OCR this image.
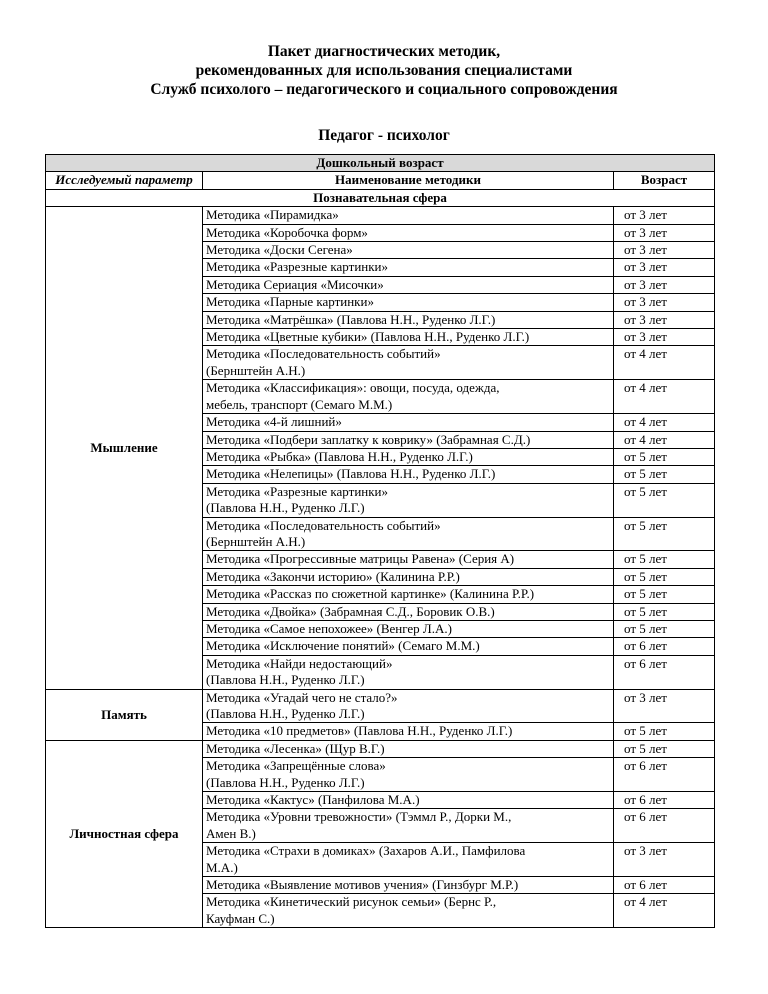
Пакет диагностических методик,
рекомендованных для использования специалистами
Служб психолого – педагогического и социального сопровождения
Педагог - психолог
Дошкольный возраст		
Исследуемый параметр	Наименование методики	Возраст
Познавательная сфера		
Мышление	Методика «Пирамидка»	от 3 лет

	Методика «Коробочка форм»	от 3 лет

	Методика «Доски Сегена»	от 3 лет

	Методика «Разрезные картинки»	от 3 лет

	Методика Сериация «Мисочки»	от 3 лет

	Методика «Парные картинки»	от 3 лет

	Методика «Матрёшка» (Павлова Н.Н., Руденко Л.Г.)	от 3 лет

	Методика «Цветные кубики» (Павлова Н.Н., Руденко Л.Г.)	от 3 лет

	Методика «Последовательность событий»
(Бернштейн А.Н.)	от 4 лет

	Методика «Классификация»: овощи, посуда, одежда,
мебель, транспорт (Семаго М.М.)	от 4 лет

	Методика «4-й лишний»	от 4 лет

	Методика «Подбери заплатку к коврику» (Забрамная С.Д.)	от 4 лет

	Методика «Рыбка» (Павлова Н.Н., Руденко Л.Г.)	от 5 лет

	Методика «Нелепицы» (Павлова Н.Н., Руденко Л.Г.)	от 5 лет

	Методика «Разрезные картинки»
(Павлова Н.Н., Руденко Л.Г.)	от 5 лет

	Методика «Последовательность событий»
(Бернштейн А.Н.)	от 5 лет

	Методика «Прогрессивные матрицы Равена» (Серия А)	от 5 лет

	Методика «Закончи историю» (Калинина Р.Р.)	от 5 лет

	Методика «Рассказ по сюжетной картинке» (Калинина Р.Р.)	от 5 лет

	Методика «Двойка» (Забрамная С.Д., Боровик О.В.)	от 5 лет

	Методика «Самое непохожее» (Венгер Л.А.)	от 5 лет

	Методика «Исключение понятий» (Семаго М.М.)	от 6 лет

	Методика «Найди недостающий»
(Павлова Н.Н., Руденко Л.Г.)	от 6 лет
Память	Методика «Угадай чего не стало?»
(Павлова Н.Н., Руденко Л.Г.)	от 3 лет

	Методика «10 предметов» (Павлова Н.Н., Руденко Л.Г.)	от 5 лет
Личностная сфера	Методика «Лесенка» (Щур В.Г.)	от 5 лет

	Методика «Запрещённые слова»
(Павлова Н.Н., Руденко Л.Г.)	от 6 лет

	Методика «Кактус» (Панфилова М.А.)	от 6 лет

	Методика «Уровни тревожности» (Тэммл Р., Дорки М.,
Амен В.)	от 6 лет

	Методика «Страхи в домиках» (Захаров А.И., Памфилова
М.А.)	от 3 лет

	Методика «Выявление мотивов учения» (Гинзбург М.Р.)	от 6 лет

	Методика «Кинетический рисунок семьи» (Бернс Р.,
Кауфман С.)	от 4 лет
